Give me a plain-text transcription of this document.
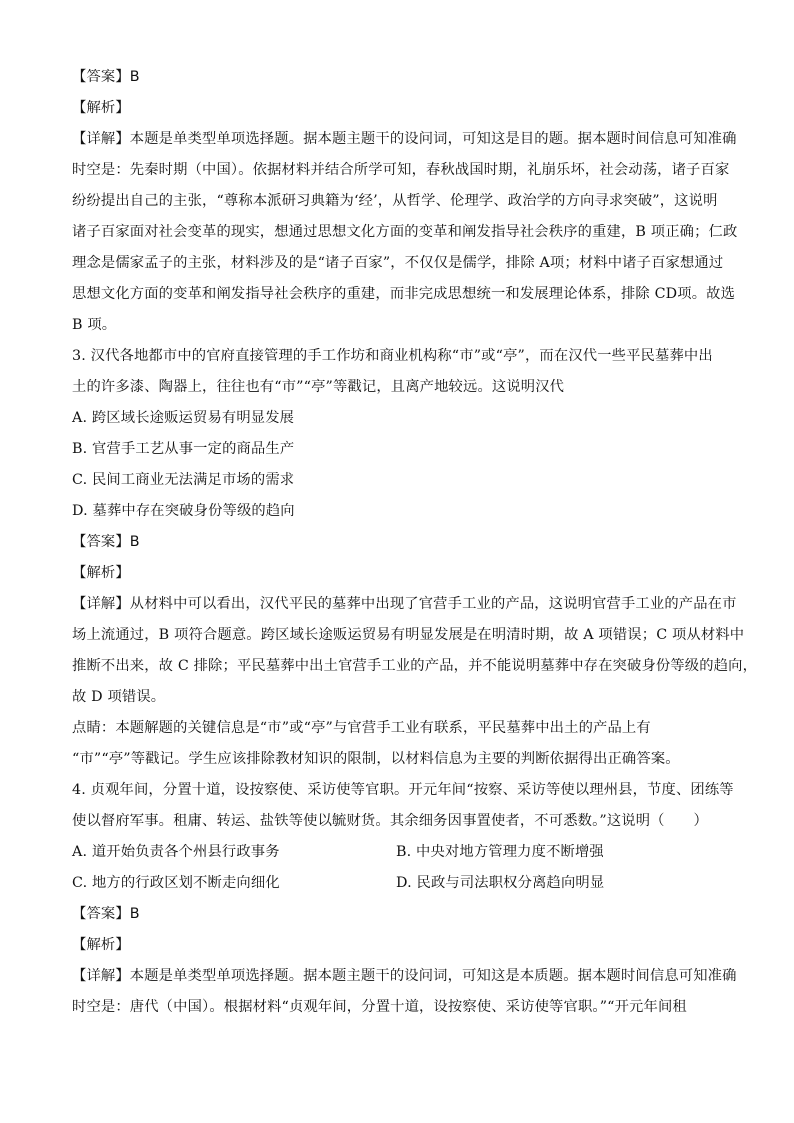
【答案】B
【解析】
【详解】本题是单类型单项选择题。据本题主题干的设问词，可知这是目的题。据本题时间信息可知准确
时空是：先秦时期（中国）。依据材料并结合所学可知，春秋战国时期，礼崩乐坏，社会动荡，诸子百家
纷纷提出自己的主张，“尊称本派研习典籍为‘经’，从哲学、伦理学、政治学的方向寻求突破”，这说明
诸子百家面对社会变革的现实，想通过思想文化方面的变革和阐发指导社会秩序的重建，B 项正确；仁政
理念是儒家孟子的主张，材料涉及的是“诸子百家”，不仅仅是儒学，排除 A项；材料中诸子百家想通过
思想文化方面的变革和阐发指导社会秩序的重建，而非完成思想统一和发展理论体系，排除 CD项。故选
B 项。
3. 汉代各地都市中的官府直接管理的手工作坊和商业机构称“市”或“亭”，而在汉代一些平民墓葬中出
土的许多漆、陶器上，往往也有“市”“亭”等戳记，且离产地较远。这说明汉代
A. 跨区域长途贩运贸易有明显发展
B. 官营手工艺从事一定的商品生产
C. 民间工商业无法满足市场的需求
D. 墓葬中存在突破身份等级的趋向
【答案】B
【解析】
【详解】从材料中可以看出，汉代平民的墓葬中出现了官营手工业的产品，这说明官营手工业的产品在市
场上流通过，B 项符合题意。跨区域长途贩运贸易有明显发展是在明清时期，故 A 项错误；C 项从材料中
推断不出来，故 C 排除；平民墓葬中出土官营手工业的产品，并不能说明墓葬中存在突破身份等级的趋向，
故 D 项错误。
点睛：本题解题的关键信息是“市”或“亭”与官营手工业有联系，平民墓葬中出土的产品上有
“市”“亭”等戳记。学生应该排除教材知识的限制，以材料信息为主要的判断依据得出正确答案。
4. 贞观年间，分置十道，设按察使、采访使等官职。开元年间“按察、采访等使以理州县，节度、团练等
使以督府军事。租庸、转运、盐铁等使以毓财货。其余细务因事置使者，不可悉数。”这说明（　　）
A. 道开始负责各个州县行政事务	B. 中央对地方管理力度不断增强
C. 地方的行政区划不断走向细化	D. 民政与司法职权分离趋向明显
【答案】B
【解析】
【详解】本题是单类型单项选择题。据本题主题干的设问词，可知这是本质题。据本题时间信息可知准确
时空是：唐代（中国）。根据材料“贞观年间，分置十道，设按察使、采访使等官职。”“开元年间租
